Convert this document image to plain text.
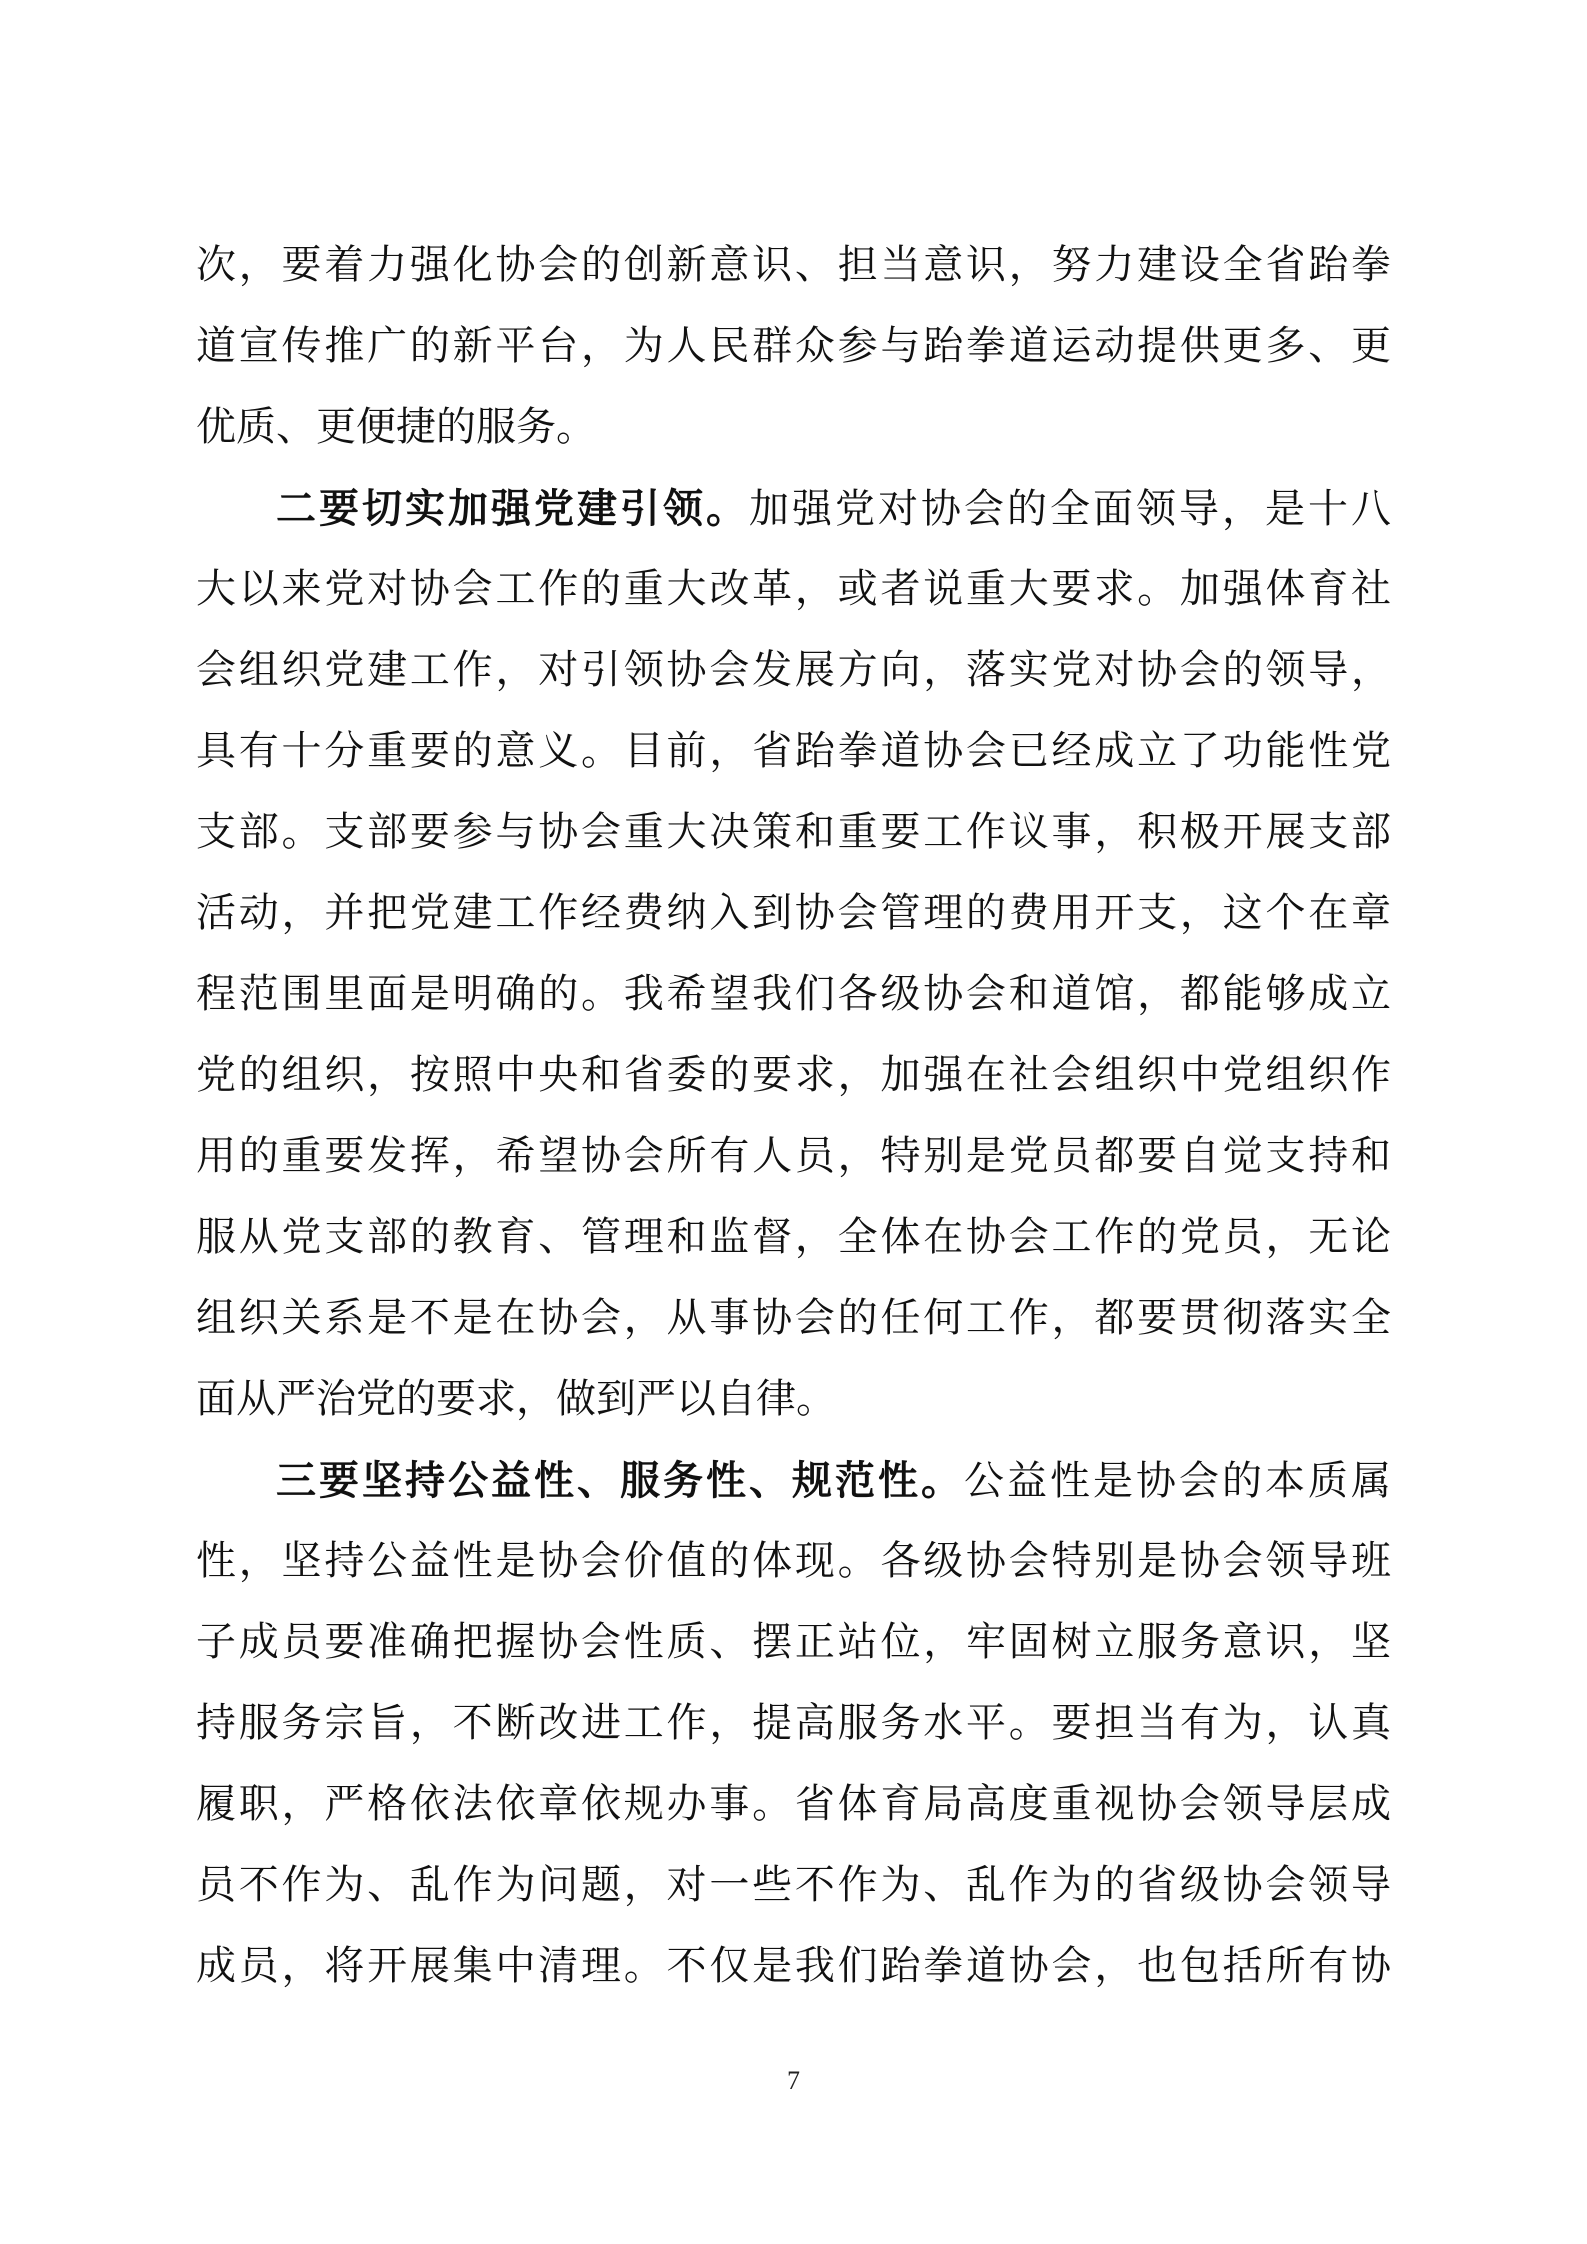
次，要着力强化协会的创新意识、担当意识，努力建设全省跆拳
道宣传推广的新平台，为人民群众参与跆拳道运动提供更多、更
优质、更便捷的服务。
二要切实加强党建引领。加强党对协会的全面领导，是十八
大以来党对协会工作的重大改革，或者说重大要求。加强体育社
会组织党建工作，对引领协会发展方向，落实党对协会的领导，
具有十分重要的意义。目前，省跆拳道协会已经成立了功能性党
支部。支部要参与协会重大决策和重要工作议事，积极开展支部
活动，并把党建工作经费纳入到协会管理的费用开支，这个在章
程范围里面是明确的。我希望我们各级协会和道馆，都能够成立
党的组织，按照中央和省委的要求，加强在社会组织中党组织作
用的重要发挥，希望协会所有人员，特别是党员都要自觉支持和
服从党支部的教育、管理和监督，全体在协会工作的党员，无论
组织关系是不是在协会，从事协会的任何工作，都要贯彻落实全
面从严治党的要求，做到严以自律。
三要坚持公益性、服务性、规范性。公益性是协会的本质属
性，坚持公益性是协会价值的体现。各级协会特别是协会领导班
子成员要准确把握协会性质、摆正站位，牢固树立服务意识，坚
持服务宗旨，不断改进工作，提高服务水平。要担当有为，认真
履职，严格依法依章依规办事。省体育局高度重视协会领导层成
员不作为、乱作为问题，对一些不作为、乱作为的省级协会领导
成员，将开展集中清理。不仅是我们跆拳道协会，也包括所有协
7
